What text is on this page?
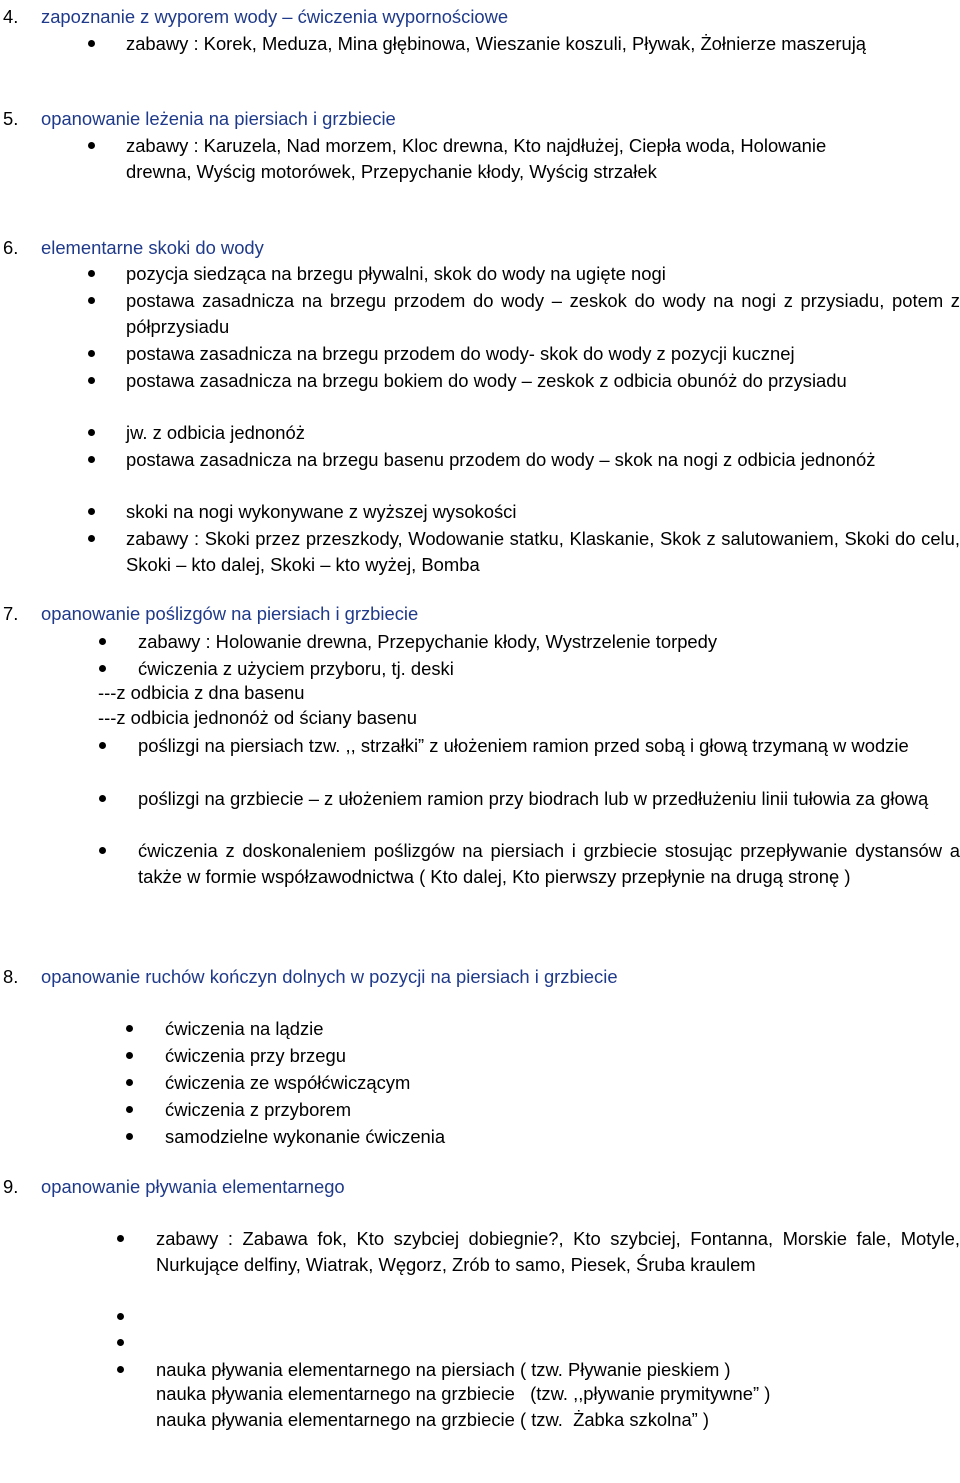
4. zapoznanie z wyporem wody – ćwiczenia wypornościowe
zabawy : Korek, Meduza, Mina głębinowa, Wieszanie koszuli, Pływak, Żołnierze maszerują
5. opanowanie leżenia na piersiach i grzbiecie
zabawy : Karuzela, Nad morzem, Kloc drewna, Kto najdłużej, Ciepła woda, Holowanie drewna, Wyścig motorówek, Przepychanie kłody, Wyścig strzałek
6. elementarne skoki do wody
pozycja siedząca na brzegu pływalni, skok do wody na ugięte nogi
postawa zasadnicza na brzegu przodem do wody – zeskok do wody na nogi z przysiadu, potem z półprzysiadu
postawa zasadnicza na brzegu przodem do wody- skok do wody z pozycji kucznej
postawa zasadnicza na brzegu bokiem do wody – zeskok z odbicia obunóż do przysiadu
jw. z odbicia jednonóż
postawa zasadnicza na brzegu basenu przodem do wody – skok na nogi z odbicia jednonóż
skoki na nogi wykonywane z wyższej wysokości
zabawy : Skoki przez przeszkody, Wodowanie statku, Klaskanie, Skok z salutowaniem, Skoki do celu, Skoki – kto dalej, Skoki – kto wyżej, Bomba
7. opanowanie poślizgów na piersiach i grzbiecie
zabawy : Holowanie drewna, Przepychanie kłody, Wystrzelenie torpedy
ćwiczenia z użyciem przyboru, tj. deski
---z odbicia z dna basenu
---z odbicia jednonóż od ściany basenu
poślizgi na piersiach tzw. ,, strzałki” z ułożeniem ramion przed sobą i głową trzymaną w wodzie
poślizgi na grzbiecie – z ułożeniem ramion przy biodrach lub w przedłużeniu linii tułowia za głową
ćwiczenia z doskonaleniem poślizgów na piersiach i grzbiecie stosując przepływanie dystansów a także w formie współzawodnictwa ( Kto dalej, Kto pierwszy przepłynie na drugą stronę )
8. opanowanie ruchów kończyn dolnych w pozycji na piersiach i grzbiecie
ćwiczenia na lądzie
ćwiczenia przy brzegu
ćwiczenia ze współćwiczącym
ćwiczenia z przyborem
samodzielne wykonanie ćwiczenia
9. opanowanie pływania elementarnego
zabawy : Zabawa fok, Kto szybciej dobiegnie?, Kto szybciej, Fontanna, Morskie fale, Motyle, Nurkujące delfiny, Wiatrak, Węgorz, Zrób to samo, Piesek, Śruba kraulem

nauka pływania elementarnego na grzbiecie   (tzw. ,,pływanie prymitywne” )

nauka pływania elementarnego na grzbiecie ( tzw.  Żabka szkolna” )

nauka pływania elementarnego na piersiach ( tzw. Pływanie pieskiem )
